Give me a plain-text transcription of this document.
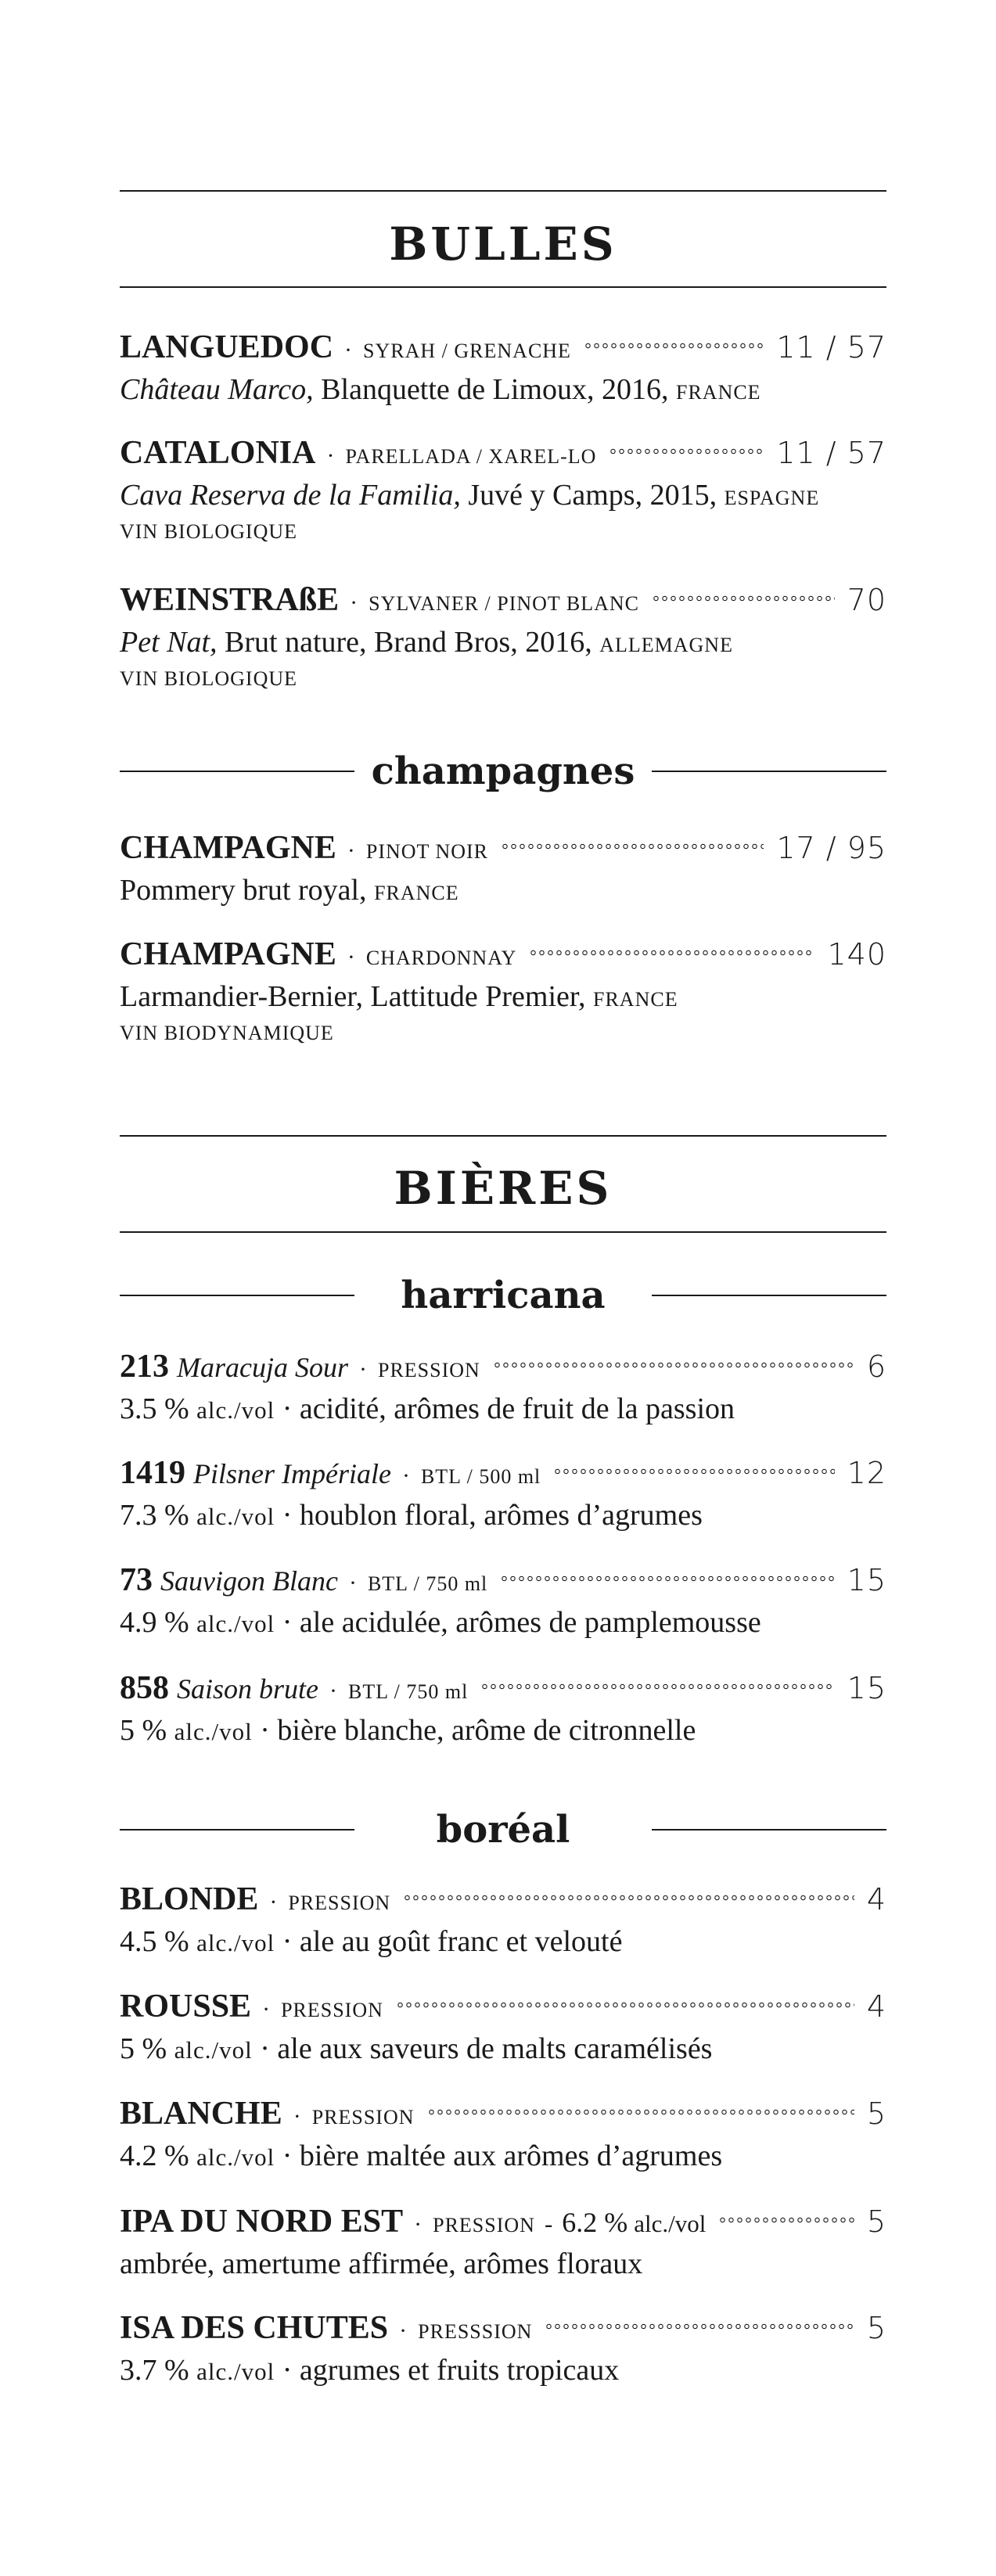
BULLES
LANGUEDOC · SYRAH / GRENACHE	11 / 57
Château Marco, Blanquette de Limoux, 2016, FRANCE
CATALONIA · PARELLADA / XAREL-LO	11 / 57
Cava Reserva de la Familia, Juvé y Camps, 2015, ESPAGNE
VIN BIOLOGIQUE
WEINSTRAßE · SYLVANER / PINOT BLANC	70
Pet Nat, Brut nature, Brand Bros, 2016, ALLEMAGNE
VIN BIOLOGIQUE
champagnes
CHAMPAGNE · PINOT NOIR	17 / 95
Pommery brut royal, FRANCE
CHAMPAGNE · CHARDONNAY	140
Larmandier-Bernier, Lattitude Premier, FRANCE
VIN BIODYNAMIQUE
BIÈRES
harricana
213 Maracuja Sour · PRESSION	6
3.5 % alc./vol · acidité, arômes de fruit de la passion
1419 Pilsner Impériale · BTL / 500 ml	12
7.3 % alc./vol · houblon floral, arômes d’agrumes
73 Sauvigon Blanc · BTL / 750 ml	15
4.9 % alc./vol · ale acidulée, arômes de pamplemousse
858 Saison brute · BTL / 750 ml	15
5 % alc./vol · bière blanche, arôme de citronnelle
boréal
BLONDE · PRESSION	4
4.5 % alc./vol · ale au goût franc et velouté
ROUSSE · PRESSION	4
5 % alc./vol · ale aux saveurs de malts caramélisés
BLANCHE · PRESSION	5
4.2 % alc./vol · bière maltée aux arômes d’agrumes
IPA DU NORD EST · PRESSION - 6.2 % alc./vol	5
ambrée, amertume affirmée, arômes floraux
ISA DES CHUTES · PRESSSION	5
3.7 % alc./vol · agrumes et fruits tropicaux
